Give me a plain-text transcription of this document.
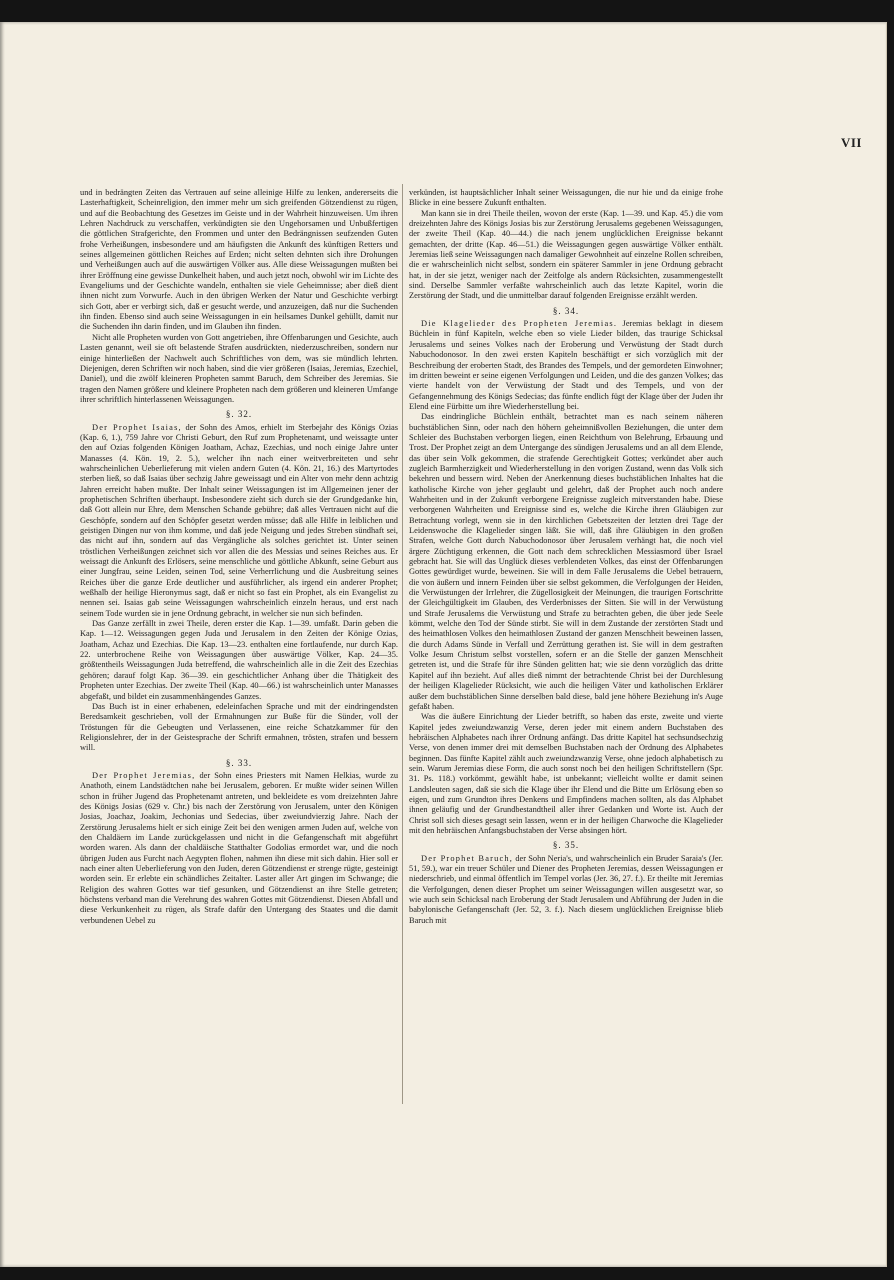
VII

und in bedrängten Zeiten das Vertrauen auf seine alleinige Hilfe zu lenken, andererseits die Lasterhaftigkeit, Scheinreligion, den immer mehr um sich greifenden Götzendienst zu rügen, und auf die Beobachtung des Gesetzes im Geiste und in der Wahrheit hinzuweisen. Um ihren Lehren Nachdruck zu verschaffen, verkündigten sie den Ungehorsamen und Unbußfertigen die göttlichen Strafgerichte, den Frommen und unter den Bedrängnissen seufzenden Guten frohe Verheißungen, insbesondere und am häufigsten die Ankunft des künftigen Retters und seines allgemeinen göttlichen Reiches auf Erden; nicht selten dehnten sich ihre Drohungen und Verheißungen auch auf die auswärtigen Völker aus. Alle diese Weissagungen mußten bei ihrer Eröffnung eine gewisse Dunkelheit haben, und auch jetzt noch, obwohl wir im Lichte des Evangeliums und der Geschichte wandeln, enthalten sie viele Geheimnisse; aber dieß dient ihnen nicht zum Vorwurfe. Auch in den übrigen Werken der Natur und Geschichte verbirgt sich Gott, aber er verbirgt sich, daß er gesucht werde, und anzuzeigen, daß nur die Suchenden ihn finden. Ebenso sind auch seine Weissagungen in ein heilsames Dunkel gehüllt, damit nur die Suchenden ihn darin finden, und im Glauben ihn finden.

Nicht alle Propheten wurden von Gott angetrieben, ihre Offenbarungen und Gesichte, auch Lasten genannt, weil sie oft belastende Strafen ausdrückten, niederzuschreiben, sondern nur einige hinterließen der Nachwelt auch Schriftliches von dem, was sie mündlich lehrten. Diejenigen, deren Schriften wir noch haben, sind die vier größeren (Isaias, Jeremias, Ezechiel, Daniel), und die zwölf kleineren Propheten sammt Baruch, dem Schreiber des Jeremias. Sie tragen den Namen größere und kleinere Propheten nach dem größeren und kleineren Umfange ihrer schriftlich hinterlassenen Weissagungen.

§. 32.

Der Prophet Isaias, der Sohn des Amos, erhielt im Sterbejahr des Königs Ozias (Kap. 6, 1.), 759 Jahre vor Christi Geburt, den Ruf zum Prophetenamt, und weissagte unter den auf Ozias folgenden Königen Joatham, Achaz, Ezechias, und noch einige Jahre unter Manasses (4. Kön. 19, 2. 5.), welcher ihn nach einer weitverbreiteten und sehr wahrscheinlichen Ueberlieferung mit vielen andern Guten (4. Kön. 21, 16.) des Martyrtodes sterben ließ, so daß Isaias über sechzig Jahre geweissagt und ein Alter von mehr denn achtzig Jahren erreicht haben mußte. Der Inhalt seiner Weissagungen ist im Allgemeinen jener der prophetischen Schriften überhaupt. Insbesondere zieht sich durch sie der Grundgedanke hin, daß Gott allein nur Ehre, dem Menschen Schande gebühre; daß alles Vertrauen nicht auf die Geschöpfe, sondern auf den Schöpfer gesetzt werden müsse; daß alle Hilfe in leiblichen und geistigen Dingen nur von ihm komme, und daß jede Neigung und jedes Streben sündhaft sei, das nicht auf ihn, sondern auf das Vergängliche als solches gerichtet ist. Unter seinen tröstlichen Verheißungen zeichnet sich vor allen die des Messias und seines Reiches aus. Er weissagt die Ankunft des Erlösers, seine menschliche und göttliche Abkunft, seine Geburt aus einer Jungfrau, seine Leiden, seinen Tod, seine Verherrlichung und die Ausbreitung seines Reiches über die ganze Erde deutlicher und ausführlicher, als irgend ein anderer Prophet; weßhalb der heilige Hieronymus sagt, daß er nicht so fast ein Prophet, als ein Evangelist zu nennen sei. Isaias gab seine Weissagungen wahrscheinlich einzeln heraus, und erst nach seinem Tode wurden sie in jene Ordnung gebracht, in welcher sie nun sich befinden.

Das Ganze zerfällt in zwei Theile, deren erster die Kap. 1—39. umfaßt. Darin geben die Kap. 1—12. Weissagungen gegen Juda und Jerusalem in den Zeiten der Könige Ozias, Joatham, Achaz und Ezechias. Die Kap. 13—23. enthalten eine fortlaufende, nur durch Kap. 22. unterbrochene Reihe von Weissagungen über auswärtige Völker, Kap. 24—35. größtentheils Weissagungen Juda betreffend, die wahrscheinlich alle in die Zeit des Ezechias gehören; darauf folgt Kap. 36—39. ein geschichtlicher Anhang über die Thätigkeit des Propheten unter Ezechias. Der zweite Theil (Kap. 40—66.) ist wahrscheinlich unter Manasses abgefaßt, und bildet ein zusammenhängendes Ganzes.

Das Buch ist in einer erhabenen, edeleinfachen Sprache und mit der eindringendsten Beredsamkeit geschrieben, voll der Ermahnungen zur Buße für die Sünder, voll der Tröstungen für die Gebeugten und Verlassenen, eine reiche Schatzkammer für den Religionslehrer, der in der Geistesprache der Schrift ermahnen, trösten, strafen und bessern will.

§. 33.

Der Prophet Jeremias, der Sohn eines Priesters mit Namen Helkias, wurde zu Anathoth, einem Landstädtchen nahe bei Jerusalem, geboren. Er mußte wider seinen Willen schon in früher Jugend das Prophetenamt antreten, und bekleidete es vom dreizehnten Jahre des Königs Josias (629 v. Chr.) bis nach der Zerstörung von Jerusalem, unter den Königen Josias, Joachaz, Joakim, Jechonias und Sedecias, über zweiundvierzig Jahre. Nach der Zerstörung Jerusalems hielt er sich einige Zeit bei den wenigen armen Juden auf, welche von den Chaldäern im Lande zurückgelassen und nicht in die Gefangenschaft mit abgeführt worden waren. Als dann der chaldäische Statthalter Godolias ermordet war, und die noch übrigen Juden aus Furcht nach Aegypten flohen, nahmen ihn diese mit sich dahin. Hier soll er nach einer alten Ueberlieferung von den Juden, deren Götzendienst er strenge rügte, gesteinigt worden sein. Er erlebte ein schändliches Zeitalter. Laster aller Art gingen im Schwange; die Religion des wahren Gottes war tief gesunken, und Götzendienst an ihre Stelle getreten; höchstens verband man die Verehrung des wahren Gottes mit Götzendienst. Diesen Abfall und diese Verkunkenheit zu rügen, als Strafe dafür den Untergang des Staates und die damit verbundenen Uebel zu

verkünden, ist hauptsächlicher Inhalt seiner Weissagungen, die nur hie und da einige frohe Blicke in eine bessere Zukunft enthalten.

Man kann sie in drei Theile theilen, wovon der erste (Kap. 1—39. und Kap. 45.) die vom dreizehnten Jahre des Königs Josias bis zur Zerstörung Jerusalems gegebenen Weissagungen, der zweite Theil (Kap. 40—44.) die nach jenem unglücklichen Ereignisse bekannt gemachten, der dritte (Kap. 46—51.) die Weissagungen gegen auswärtige Völker enthält. Jeremias ließ seine Weissagungen nach damaliger Gewohnheit auf einzelne Rollen schreiben, die er wahrscheinlich nicht selbst, sondern ein späterer Sammler in jene Ordnung gebracht hat, in der sie jetzt, weniger nach der Zeitfolge als andern Rücksichten, zusammengestellt sind. Derselbe Sammler verfaßte wahrscheinlich auch das letzte Kapitel, worin die Zerstörung der Stadt, und die unmittelbar darauf folgenden Ereignisse erzählt werden.

§. 34.

Die Klagelieder des Propheten Jeremias. Jeremias beklagt in diesem Büchlein in fünf Kapiteln, welche eben so viele Lieder bilden, das traurige Schicksal Jerusalems und seines Volkes nach der Eroberung und Verwüstung der Stadt durch Nabuchodonosor. In den zwei ersten Kapiteln beschäftigt er sich vorzüglich mit der Beschreibung der eroberten Stadt, des Brandes des Tempels, und der gemordeten Einwohner; im dritten beweint er seine eigenen Verfolgungen und Leiden, und die des ganzen Volkes; das vierte handelt von der Verwüstung der Stadt und des Tempels, und von der Gefangennehmung des Königs Sedecias; das fünfte endlich fügt der Klage über der Juden ihr Elend eine Fürbitte um ihre Wiederherstellung bei.

Das eindringliche Büchlein enthält, betrachtet man es nach seinem näheren buchstäblichen Sinn, oder nach den höhern geheimnißvollen Beziehungen, die unter dem Schleier des Buchstaben verborgen liegen, einen Reichthum von Belehrung, Erbauung und Trost. Der Prophet zeigt an dem Untergange des sündigen Jerusalems und an all dem Elende, das über sein Volk gekommen, die strafende Gerechtigkeit Gottes; verkündet aber auch zugleich Barmherzigkeit und Wiederherstellung in den vorigen Zustand, wenn das Volk sich bekehren und bessern wird. Neben der Anerkennung dieses buchstäblichen Inhaltes hat die katholische Kirche von jeher geglaubt und gelehrt, daß der Prophet auch noch andere Wahrheiten und in der Zukunft verborgene Ereignisse zugleich mitverstanden habe. Diese verborgenen Wahrheiten und Ereignisse sind es, welche die Kirche ihren Gläubigen zur Betrachtung vorlegt, wenn sie in den kirchlichen Gebetszeiten der letzten drei Tage der Leidenswoche die Klagelieder singen läßt. Sie will, daß ihre Gläubigen in den großen Strafen, welche Gott durch Nabuchodonosor über Jerusalem verhängt hat, die noch viel ärgere Züchtigung erkennen, die Gott nach dem schrecklichen Messiasmord über Israel gebracht hat. Sie will das Unglück dieses verblendeten Volkes, das einst der Offenbarungen Gottes gewürdiget wurde, beweinen. Sie will in dem Falle Jerusalems die Uebel betrauern, die von äußern und innern Feinden über sie selbst gekommen, die Verfolgungen der Heiden, die Verwüstungen der Irrlehrer, die Zügellosigkeit der Meinungen, die traurigen Fortschritte der Gleichgültigkeit im Glauben, des Verderbnisses der Sitten. Sie will in der Verwüstung und Strafe Jerusalems die Verwüstung und Strafe zu betrachten geben, die über jede Seele kömmt, welche den Tod der Sünde stirbt. Sie will in dem Zustande der zerstörten Stadt und des heimathlosen Volkes den heimathlosen Zustand der ganzen Menschheit beweinen lassen, die durch Adams Sünde in Verfall und Zerrüttung gerathen ist. Sie will in dem gestraften Volke Jesum Christum selbst vorstellen, sofern er an die Stelle der ganzen Menschheit getreten ist, und die Strafe für ihre Sünden gelitten hat; wie sie denn vorzüglich das dritte Kapitel auf ihn bezieht. Auf alles dieß nimmt der betrachtende Christ bei der Durchlesung der heiligen Klagelieder Rücksicht, wie auch die heiligen Väter und katholischen Erklärer außer dem buchstäblichen Sinne derselben bald diese, bald jene höhere Beziehung in's Auge gefaßt haben.

Was die äußere Einrichtung der Lieder betrifft, so haben das erste, zweite und vierte Kapitel jedes zweiundzwanzig Verse, deren jeder mit einem andern Buchstaben des hebräischen Alphabetes nach ihrer Ordnung anfängt. Das dritte Kapitel hat sechsundsechzig Verse, von denen immer drei mit demselben Buchstaben nach der Ordnung des Alphabetes beginnen. Das fünfte Kapitel zählt auch zweiundzwanzig Verse, ohne jedoch alphabetisch zu sein. Warum Jeremias diese Form, die auch sonst noch bei den heiligen Schriftstellern (Spr. 31. Ps. 118.) vorkömmt, gewählt habe, ist unbekannt; vielleicht wollte er damit seinen Landsleuten sagen, daß sie sich die Klage über ihr Elend und die Bitte um Erlösung eben so eigen, und zum Grundton ihres Denkens und Empfindens machen sollten, als das Alphabet ihnen geläufig und der Grundbestandtheil aller ihrer Gedanken und Worte ist. Auch der Christ soll sich dieses gesagt sein lassen, wenn er in der heiligen Charwoche die Klagelieder mit den hebräischen Anfangsbuchstaben der Verse absingen hört.

§. 35.

Der Prophet Baruch, der Sohn Neria's, und wahrscheinlich ein Bruder Saraia's (Jer. 51, 59.), war ein treuer Schüler und Diener des Propheten Jeremias, dessen Weissagungen er niederschrieb, und einmal öffentlich im Tempel vorlas (Jer. 36, 27. f.). Er theilte mit Jeremias die Verfolgungen, denen dieser Prophet um seiner Weissagungen willen ausgesetzt war, so wie auch sein Schicksal nach Eroberung der Stadt Jerusalem und Abführung der Juden in die babylonische Gefangenschaft (Jer. 52, 3. f.). Nach diesem unglücklichen Ereignisse blieb Baruch mit
